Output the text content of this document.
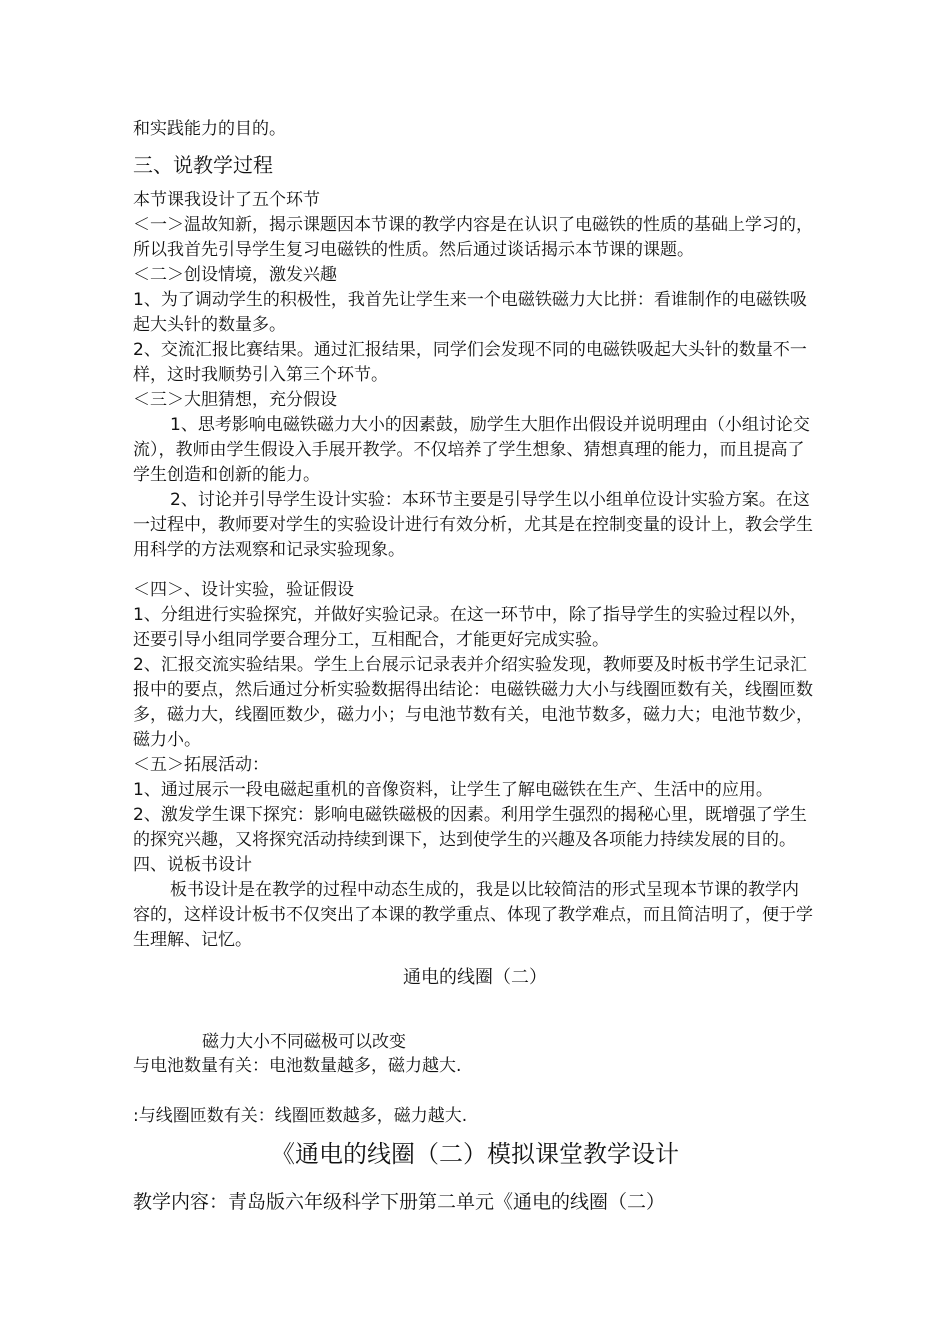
和实践能力的目的。
三、说教学过程
本节课我设计了五个环节
＜一＞温故知新，揭示课题因本节课的教学内容是在认识了电磁铁的性质的基础上学习的，
所以我首先引导学生复习电磁铁的性质。然后通过谈话揭示本节课的课题。
＜二＞创设情境，激发兴趣
1、为了调动学生的积极性，我首先让学生来一个电磁铁磁力大比拼：看谁制作的电磁铁吸
起大头针的数量多。
2、交流汇报比赛结果。通过汇报结果，同学们会发现不同的电磁铁吸起大头针的数量不一
样，这时我顺势引入第三个环节。
＜三＞大胆猜想，充分假设
1、思考影响电磁铁磁力大小的因素鼓，励学生大胆作出假设并说明理由（小组讨论交
流），教师由学生假设入手展开教学。不仅培养了学生想象、猜想真理的能力，而且提高了
学生创造和创新的能力。
2、讨论并引导学生设计实验：本环节主要是引导学生以小组单位设计实验方案。在这
一过程中，教师要对学生的实验设计进行有效分析，尤其是在控制变量的设计上，教会学生
用科学的方法观察和记录实验现象。
＜四＞、设计实验，验证假设
1、分组进行实验探究，并做好实验记录。在这一环节中，除了指导学生的实验过程以外，
还要引导小组同学要合理分工，互相配合，才能更好完成实验。
2、汇报交流实验结果。学生上台展示记录表并介绍实验发现，教师要及时板书学生记录汇
报中的要点，然后通过分析实验数据得出结论：电磁铁磁力大小与线圈匝数有关，线圈匝数
多，磁力大，线圈匝数少，磁力小；与电池节数有关，电池节数多，磁力大；电池节数少，
磁力小。
＜五＞拓展活动：
1、通过展示一段电磁起重机的音像资料，让学生了解电磁铁在生产、生活中的应用。
2、激发学生课下探究：影响电磁铁磁极的因素。利用学生强烈的揭秘心里，既增强了学生
的探究兴趣，又将探究活动持续到课下，达到使学生的兴趣及各项能力持续发展的目的。
四、说板书设计
板书设计是在教学的过程中动态生成的，我是以比较简洁的形式呈现本节课的教学内
容的，这样设计板书不仅突出了本课的教学重点、体现了教学难点，而且简洁明了，便于学
生理解、记忆。
通电的线圈（二）
磁力大小不同磁极可以改变
与电池数量有关：电池数量越多，磁力越大.
:与线圈匝数有关：线圈匝数越多，磁力越大.
《通电的线圈（二）模拟课堂教学设计
教学内容：青岛版六年级科学下册第二单元《通电的线圈（二）
